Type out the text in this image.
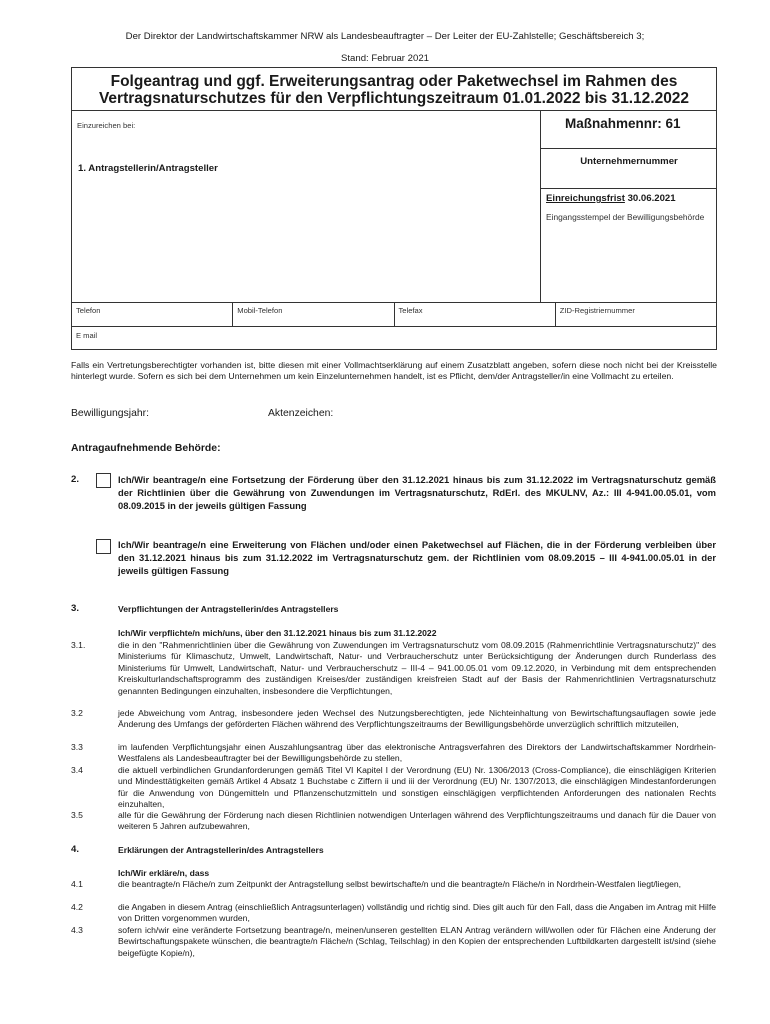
Der Direktor der Landwirtschaftskammer NRW als Landesbeauftragter – Der Leiter der EU-Zahlstelle; Geschäftsbereich 3;
Stand: Februar 2021
Folgeantrag und ggf. Erweiterungsantrag oder Paketwechsel im Rahmen des
Vertragsnaturschutzes für den Verpflichtungszeitraum 01.01.2022 bis 31.12.2022
Einzureichen bei:
1. Antragstellerin/Antragsteller
Maßnahmennr: 61
Unternehmernummer
Einreichungsfrist 30.06.2021
Eingangsstempel der Bewilligungsbehörde
Telefon	Mobil-Telefon	Telefax	ZID-Registriernummer
E mail
Falls ein Vertretungsberechtigter vorhanden ist, bitte diesen mit einer Vollmachtserklärung auf einem Zusatzblatt angeben, sofern diese noch nicht bei der Kreisstelle hinterlegt wurde. Sofern es sich bei dem Unternehmen um kein Einzelunternehmen handelt, ist es Pflicht, dem/der Antragsteller/in eine Vollmacht zu erteilen.
Bewilligungsjahr:	Aktenzeichen:
Antragaufnehmende Behörde:
2.	Ich/Wir beantrage/n eine Fortsetzung der Förderung über den 31.12.2021 hinaus bis zum 31.12.2022 im Vertragsnaturschutz gemäß der Richtlinien über die Gewährung von Zuwendungen im Vertragsnaturschutz, RdErl. des MKULNV, Az.: III 4-941.00.05.01, vom 08.09.2015 in der jeweils gültigen Fassung
Ich/Wir beantrage/n eine Erweiterung von Flächen und/oder einen Paketwechsel auf Flächen, die in der Förderung verbleiben über den 31.12.2021 hinaus bis zum 31.12.2022 im Vertragsnaturschutz gem. der Richtlinien vom 08.09.2015 – III 4-941.00.05.01 in der jeweils gültigen Fassung
3.	Verpflichtungen der Antragstellerin/des Antragstellers
Ich/Wir verpflichte/n mich/uns, über den 31.12.2021 hinaus bis zum 31.12.2022
3.1.	die in den "Rahmenrichtlinien über die Gewährung von Zuwendungen im Vertragsnaturschutz vom 08.09.2015 (Rahmenrichtlinie Vertragsnaturschutz)" des Ministeriums für Klimaschutz, Umwelt, Landwirtschaft, Natur- und Verbraucherschutz unter Berücksichtigung der Änderungen durch Runderlass des Ministeriums für Umwelt, Landwirtschaft, Natur- und Verbraucherschutz – III-4 – 941.00.05.01 vom 09.12.2020, in Verbindung mit dem entsprechenden Kreiskulturlandschaftsprogramm des zuständigen Kreises/der zuständigen kreisfreien Stadt auf der Basis der Rahmenrichtlinien Vertragsnaturschutz genannten Bedingungen einzuhalten, insbesondere die Verpflichtungen,
3.2	jede Abweichung vom Antrag, insbesondere jeden Wechsel des Nutzungsberechtigten, jede Nichteinhaltung von Bewirtschaftungsauflagen sowie jede Änderung des Umfangs der geförderten Flächen während des Verpflichtungszeitraums der Bewilligungsbehörde unverzüglich schriftlich mitzuteilen,
3.3	im laufenden Verpflichtungsjahr einen Auszahlungsantrag über das elektronische Antragsverfahren des Direktors der Landwirtschaftskammer Nordrhein-Westfalens als Landesbeauftragter bei der Bewilligungsbehörde zu stellen,
3.4	die aktuell verbindlichen Grundanforderungen gemäß Titel VI Kapitel I der Verordnung (EU) Nr. 1306/2013 (Cross-Compliance), die einschlägigen Kriterien und Mindesttätigkeiten gemäß Artikel 4 Absatz 1 Buchstabe c Ziffern ii und iii der Verordnung (EU) Nr. 1307/2013, die einschlägigen Mindestanforderungen für die Anwendung von Düngemitteln und Pflanzenschutzmitteln und sonstigen einschlägigen verpflichtenden Anforderungen des nationalen Rechts einzuhalten,
3.5	alle für die Gewährung der Förderung nach diesen Richtlinien notwendigen Unterlagen während des Verpflichtungszeitraums und danach für die Dauer von weiteren 5 Jahren aufzubewahren,
4.	Erklärungen der Antragstellerin/des Antragstellers
Ich/Wir erkläre/n, dass
4.1	die beantragte/n Fläche/n zum Zeitpunkt der Antragstellung selbst bewirtschafte/n und die beantragte/n Fläche/n in Nordrhein-Westfalen liegt/liegen,
4.2	die Angaben in diesem Antrag (einschließlich Antragsunterlagen) vollständig und richtig sind. Dies gilt auch für den Fall, dass die Angaben im Antrag mit Hilfe von Dritten vorgenommen wurden,
4.3	sofern ich/wir eine veränderte Fortsetzung beantrage/n, meinen/unseren gestellten ELAN Antrag verändern will/wollen oder für Flächen eine Änderung der Bewirtschaftungspakete wünschen, die beantragte/n Fläche/n (Schlag, Teilschlag) in den Kopien der entsprechenden Luftbildkarten dargestellt ist/sind (siehe beigefügte Kopie/n),
